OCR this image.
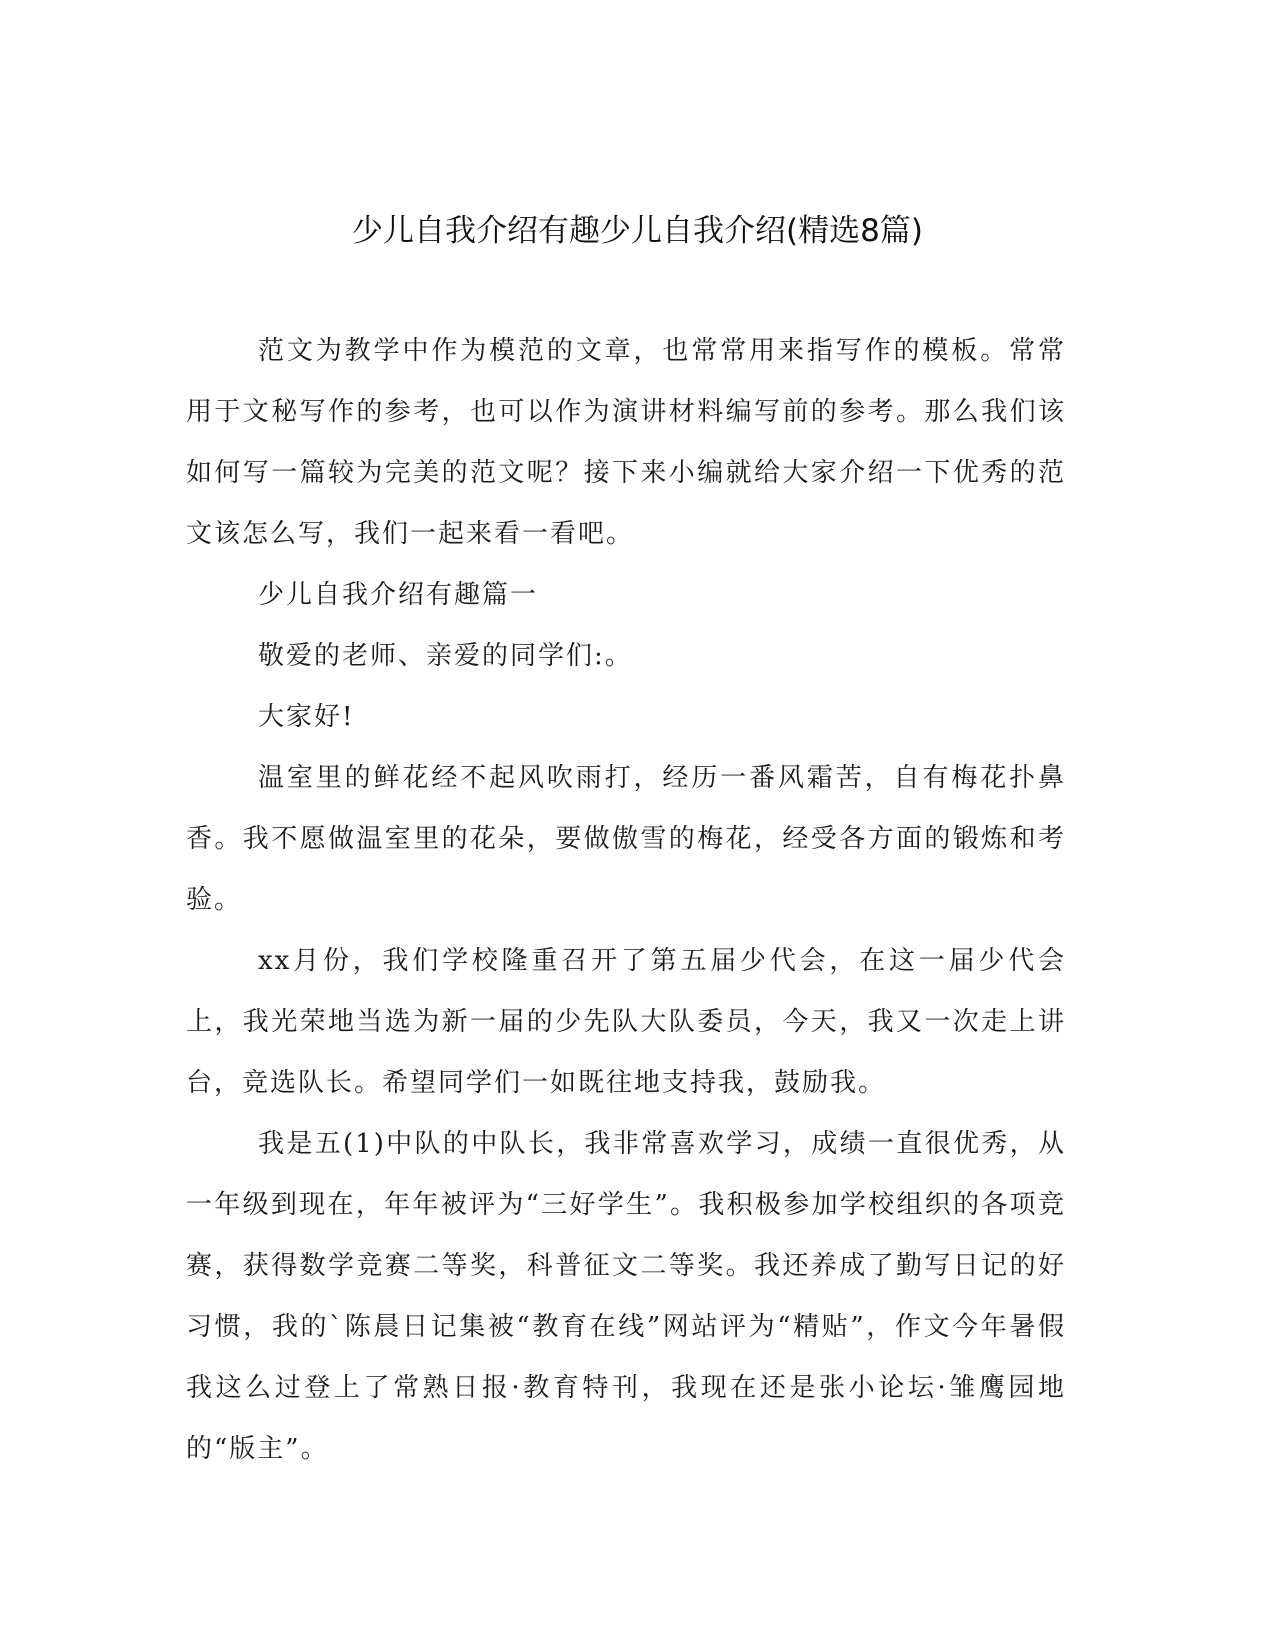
少儿自我介绍有趣少儿自我介绍(精选8篇)

范文为教学中作为模范的文章，也常常用来指写作的模板。常常用于文秘写作的参考，也可以作为演讲材料编写前的参考。那么我们该如何写一篇较为完美的范文呢？接下来小编就给大家介绍一下优秀的范文该怎么写，我们一起来看一看吧。

少儿自我介绍有趣篇一

敬爱的老师、亲爱的同学们:。

大家好!

温室里的鲜花经不起风吹雨打，经历一番风霜苦，自有梅花扑鼻香。我不愿做温室里的花朵，要做傲雪的梅花，经受各方面的锻炼和考验。

xx月份，我们学校隆重召开了第五届少代会，在这一届少代会上，我光荣地当选为新一届的少先队大队委员，今天，我又一次走上讲台，竞选队长。希望同学们一如既往地支持我，鼓励我。

我是五(1)中队的中队长，我非常喜欢学习，成绩一直很优秀，从一年级到现在，年年被评为“三好学生”。我积极参加学校组织的各项竞赛，获得数学竞赛二等奖，科普征文二等奖。我还养成了勤写日记的好习惯，我的`陈晨日记集被“教育在线”网站评为“精贴”，作文今年暑假我这么过登上了常熟日报·教育特刊，我现在还是张小论坛·雏鹰园地的“版主”。
